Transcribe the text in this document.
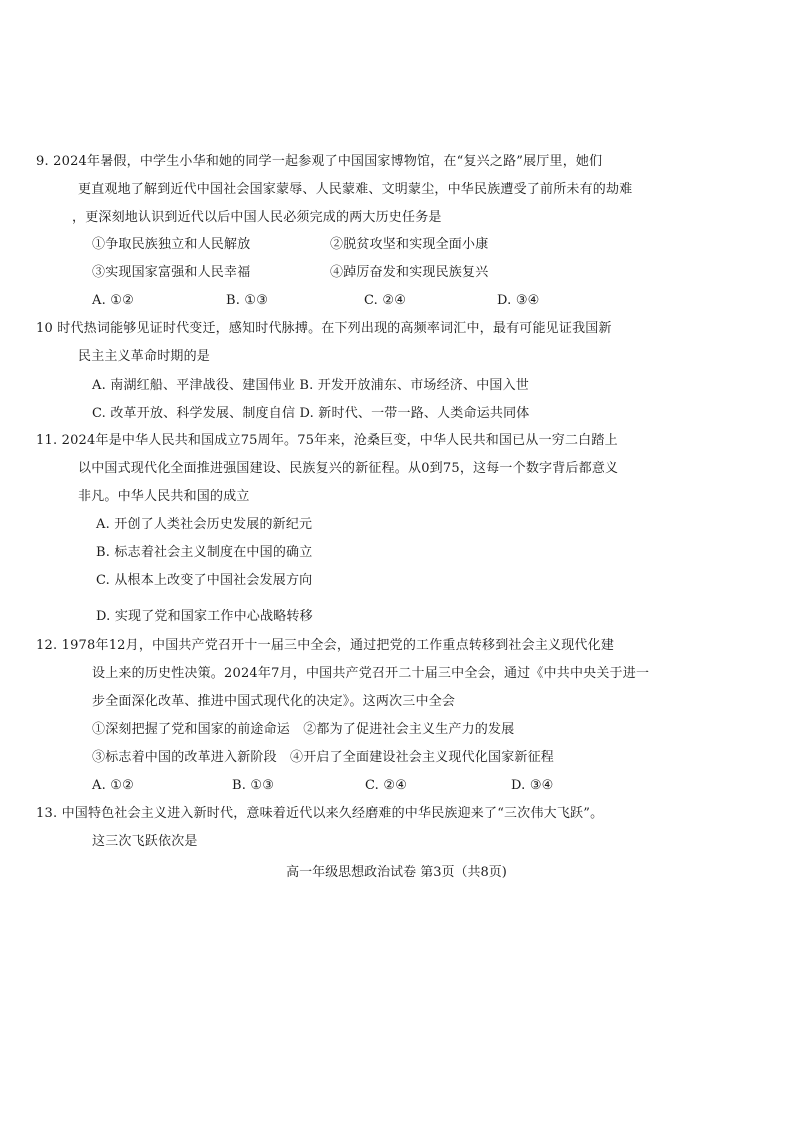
9. 2024年暑假，中学生小华和她的同学一起参观了中国国家博物馆，在“复兴之路”展厅里，她们
更直观地了解到近代中国社会国家蒙辱、人民蒙难、文明蒙尘，中华民族遭受了前所未有的劫难
，更深刻地认识到近代以后中国人民必须完成的两大历史任务是
①争取民族独立和人民解放	②脱贫攻坚和实现全面小康
③实现国家富强和人民幸福	④踔厉奋发和实现民族复兴
A. ①②	B. ①③	C. ②④	D. ③④
10 时代热词能够见证时代变迁，感知时代脉搏。在下列出现的高频率词汇中，最有可能见证我国新
民主主义革命时期的是
A. 南湖红船、平津战役、建国伟业 B. 开发开放浦东、市场经济、中国入世
C. 改革开放、科学发展、制度自信 D. 新时代、一带一路、人类命运共同体
11. 2024年是中华人民共和国成立75周年。75年来，沧桑巨变，中华人民共和国已从一穷二白踏上
以中国式现代化全面推进强国建设、民族复兴的新征程。从0到75，这每一个数字背后都意义
非凡。中华人民共和国的成立
A. 开创了人类社会历史发展的新纪元
B. 标志着社会主义制度在中国的确立
C. 从根本上改变了中国社会发展方向
D. 实现了党和国家工作中心战略转移
12. 1978年12月，中国共产党召开十一届三中全会，通过把党的工作重点转移到社会主义现代化建
设上来的历史性决策。2024年7月，中国共产党召开二十届三中全会，通过《中共中央关于进一
步全面深化改革、推进中国式现代化的决定》。这两次三中全会
①深刻把握了党和国家的前途命运　②都为了促进社会主义生产力的发展
③标志着中国的改革进入新阶段　④开启了全面建设社会主义现代化国家新征程
A. ①②	B. ①③	C. ②④	D. ③④
13. 中国特色社会主义进入新时代，意味着近代以来久经磨难的中华民族迎来了“三次伟大飞跃”。
这三次飞跃依次是
高一年级思想政治试卷 第3页（共8页)
